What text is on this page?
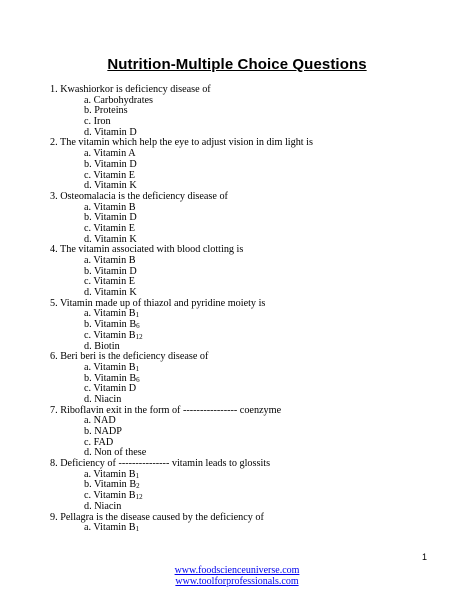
Nutrition-Multiple Choice Questions
1. Kwashiorkor is deficiency disease of
a. Carbohydrates
b. Proteins
c. Iron
d. Vitamin D
2. The vitamin which help the eye to adjust vision in dim light is
a. Vitamin A
b. Vitamin D
c. Vitamin E
d. Vitamin K
3. Osteomalacia is the deficiency disease of
a. Vitamin B
b. Vitamin D
c. Vitamin E
d. Vitamin K
4. The vitamin associated with blood clotting is
a. Vitamin B
b. Vitamin D
c. Vitamin E
d. Vitamin K
5. Vitamin made up of thiazol and pyridine moiety is
a. Vitamin $B_1$
b. Vitamin $B_6$
c. Vitamin $B_{12}$
d. Biotin
6. Beri beri is the deficiency disease of
a. Vitamin $B_1$
b. Vitamin $B_6$
c. Vitamin D
d. Niacin
7. Riboflavin exit in the form of ---------------- coenzyme
a. NAD
b. NADP
c. FAD
d. Non of these
8. Deficiency of --------------- vitamin leads to glossits
a. Vitamin $B_1$
b. Vitamin $B_2$
c. Vitamin $B_{12}$
d. Niacin
9. Pellagra is the disease caused by the deficiency of
a. Vitamin $B_1$
1
www.foodscienceuniverse.com
www.toolforprofessionals.com
